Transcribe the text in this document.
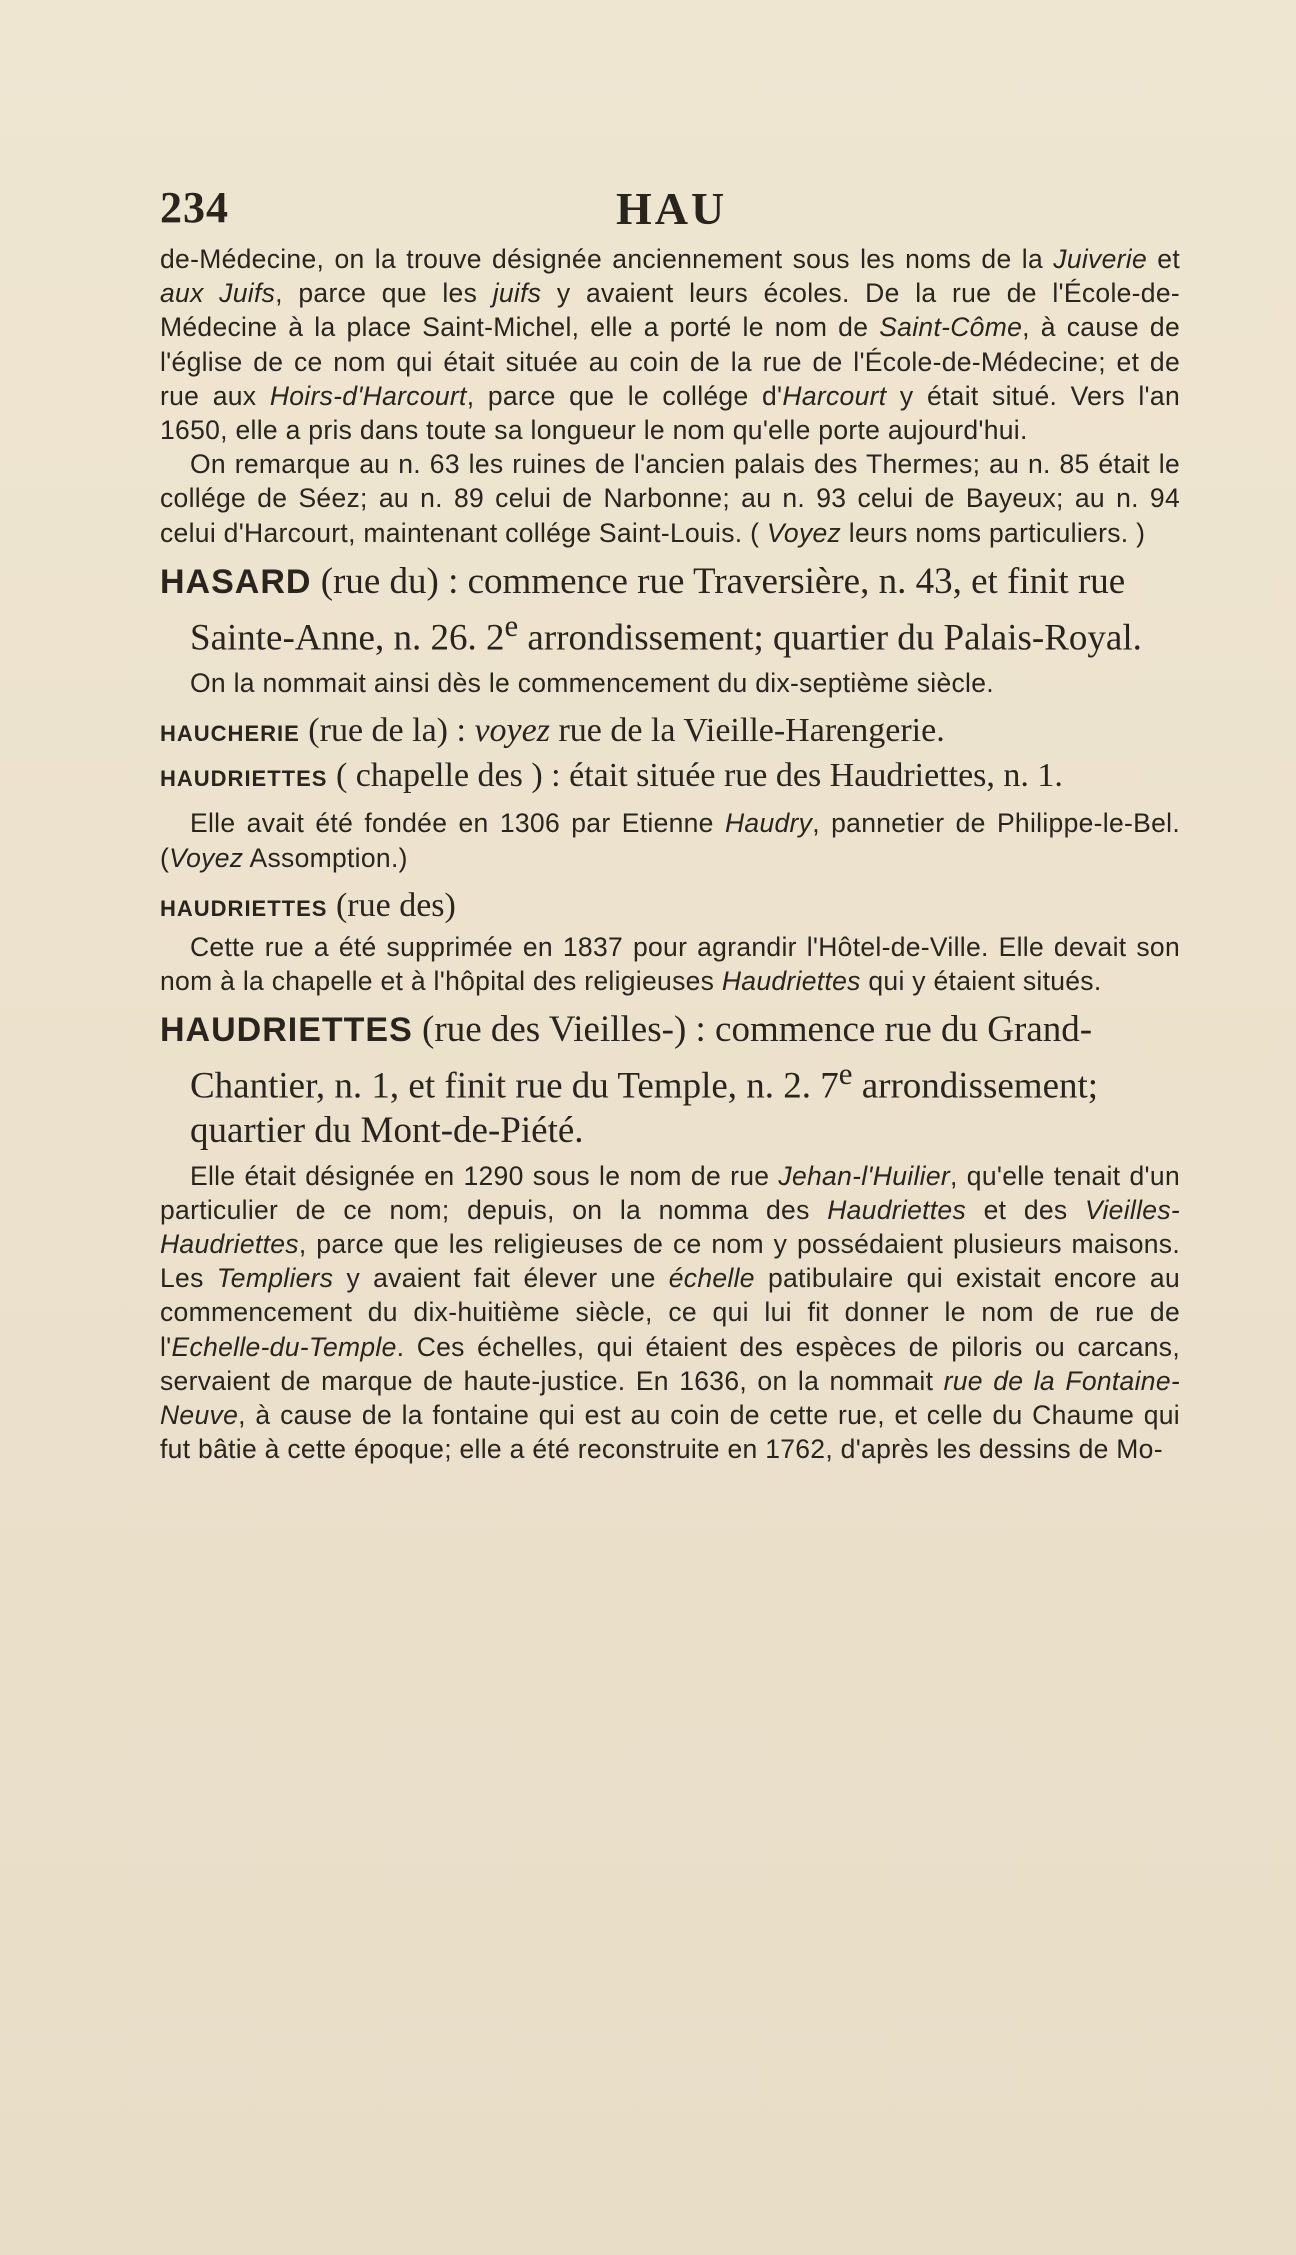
234	HAU

de-Médecine, on la trouve désignée anciennement sous les noms de la Juiverie et aux Juifs, parce que les juifs y avaient leurs écoles. De la rue de l'École-de-Médecine à la place Saint-Michel, elle a porté le nom de Saint-Côme, à cause de l'église de ce nom qui était située au coin de la rue de l'École-de-Médecine; et de rue aux Hoirs-d'Harcourt, parce que le collége d'Harcourt y était situé. Vers l'an 1650, elle a pris dans toute sa longueur le nom qu'elle porte aujourd'hui.

On remarque au n. 63 les ruines de l'ancien palais des Thermes; au n. 85 était le collége de Séez; au n. 89 celui de Narbonne; au n. 93 celui de Bayeux; au n. 94 celui d'Harcourt, maintenant collége Saint-Louis. ( Voyez leurs noms particuliers. )

HASARD (rue du) : commence rue Traversière, n. 43, et finit rue Sainte-Anne, n. 26. 2e arrondissement; quartier du Palais-Royal.

On la nommait ainsi dès le commencement du dix-septième siècle.

HAUCHERIE (rue de la) : voyez rue de la Vieille-Harengerie.

HAUDRIETTES ( chapelle des ) : était située rue des Haudriettes, n. 1.

Elle avait été fondée en 1306 par Etienne Haudry, pannetier de Philippe-le-Bel. (Voyez Assomption.)

HAUDRIETTES (rue des)

Cette rue a été supprimée en 1837 pour agrandir l'Hôtel-de-Ville. Elle devait son nom à la chapelle et à l'hôpital des religieuses Haudriettes qui y étaient situés.

HAUDRIETTES (rue des Vieilles-) : commence rue du Grand-Chantier, n. 1, et finit rue du Temple, n. 2. 7e arrondissement; quartier du Mont-de-Piété.

Elle était désignée en 1290 sous le nom de rue Jehan-l'Huilier, qu'elle tenait d'un particulier de ce nom; depuis, on la nomma des Haudriettes et des Vieilles-Haudriettes, parce que les religieuses de ce nom y possédaient plusieurs maisons. Les Templiers y avaient fait élever une échelle patibulaire qui existait encore au commencement du dix-huitième siècle, ce qui lui fit donner le nom de rue de l'Echelle-du-Temple. Ces échelles, qui étaient des espèces de piloris ou carcans, servaient de marque de haute-justice. En 1636, on la nommait rue de la Fontaine-Neuve, à cause de la fontaine qui est au coin de cette rue, et celle du Chaume qui fut bâtie à cette époque; elle a été reconstruite en 1762, d'après les dessins de Mo-
